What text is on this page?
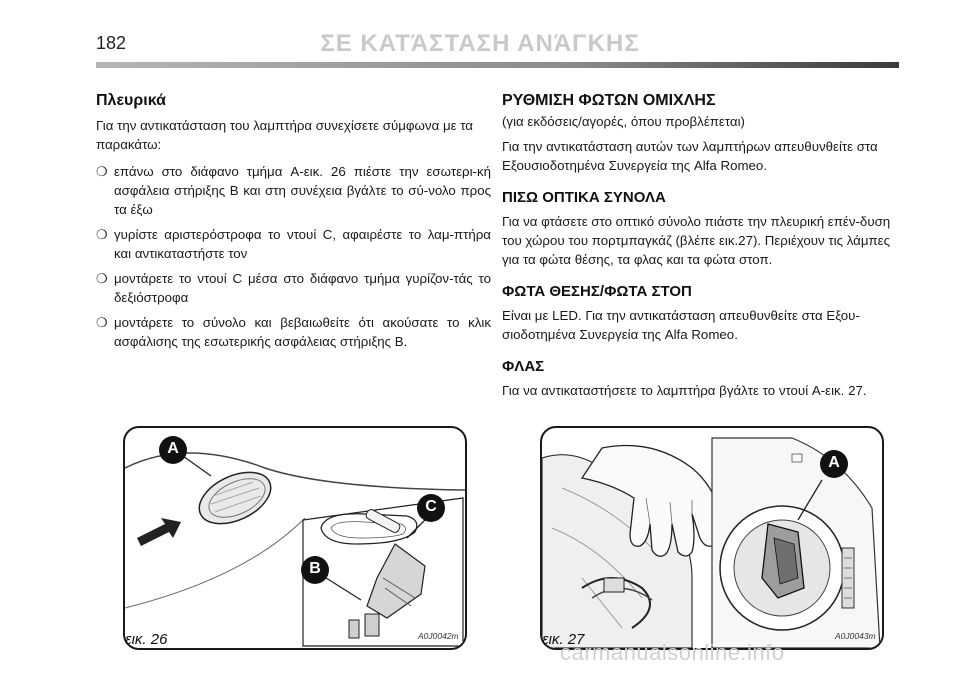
182	ΣΕ ΚΑΤΆΣΤΑΣΗ ΑΝΆΓΚΗΣ
Πλευρικά

Για την αντικατάσταση του λαμπτήρα συνεχίσετε σύμφωνα με τα παρακάτω:

❍ επάνω στο διάφανο τμήμα A-εικ. 26 πιέστε την εσωτερι-κή ασφάλεια στήριξης B και στη συνέχεια βγάλτε το σύ-νολο προς τα έξω
❍ γυρίστε αριστερόστροφα το ντουί C, αφαιρέστε το λαμ-πτήρα και αντικαταστήστε τον
❍ μοντάρετε το ντουί C μέσα στο διάφανο τμήμα γυρίζον-τάς το δεξιόστροφα
❍ μοντάρετε το σύνολο και βεβαιωθείτε ότι ακούσατε το κλικ ασφάλισης της εσωτερικής ασφάλειας στήριξης B.
ΡΥΘΜΙΣΗ ΦΩΤΩΝ ΟΜΙΧΛΗΣ

(για εκδόσεις/αγορές, όπου προβλέπεται)

Για την αντικατάσταση αυτών των λαμπτήρων απευθυνθείτε στα Εξουσιοδοτημένα Συνεργεία της Alfa Romeo.

ΠΙΣΩ ΟΠΤΙΚΑ ΣΥΝΟΛΑ

Για να φτάσετε στο οπτικό σύνολο πιάστε την πλευρική επέν-δυση του χώρου του πορτμπαγκάζ (βλέπε εικ.27). Περιέχουν τις λάμπες για τα φώτα θέσης, τα φλας και τα φώτα στοπ.

ΦΩΤΑ ΘΕΣΗΣ/ΦΩΤΑ ΣΤΟΠ

Είναι με LED. Για την αντικατάσταση απευθυνθείτε στα Εξου-σιοδοτημένα Συνεργεία της Alfa Romeo.

ΦΛΑΣ

Για να αντικαταστήσετε το λαμπτήρα βγάλτε το ντουί A-εικ. 27.

A
C
B
εικ. 26	A0J0042m
A
εικ. 27	A0J0043m
carmanualsonline.info
